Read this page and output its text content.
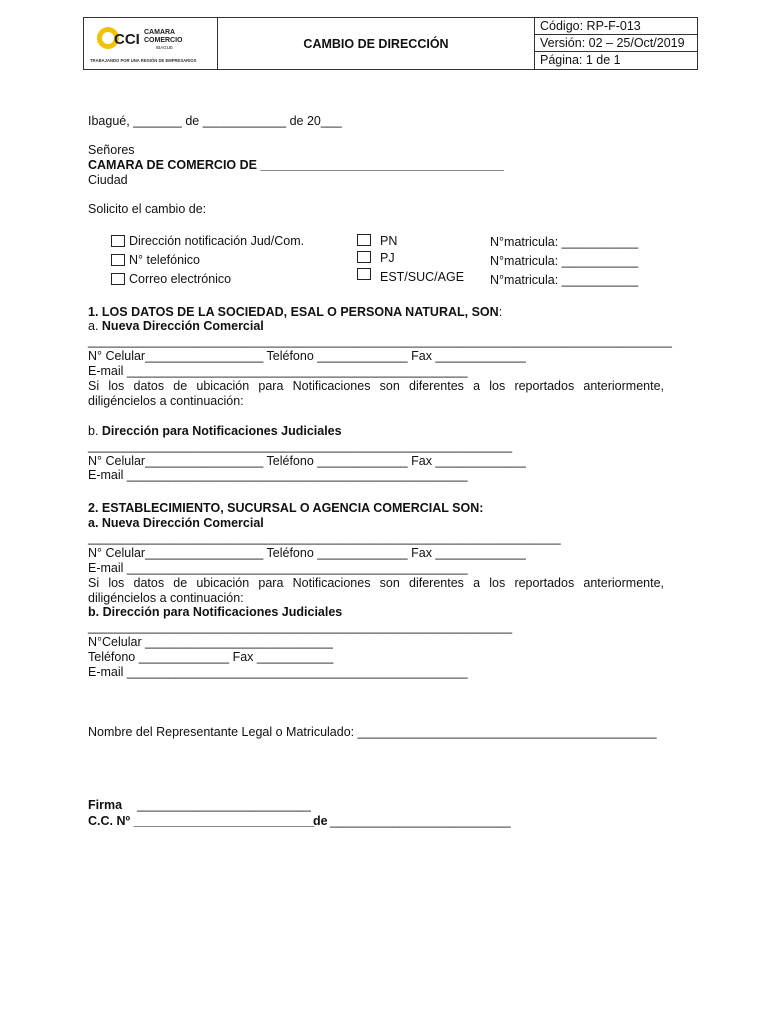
CCI CAMARA
COMERCIO
IBAGUE
TRABAJANDO POR UNA REGIÓN DE EMPRESARIOS
CAMBIO DE DIRECCIÓN
Código: RP-F-013
Versión: 02 – 25/Oct/2019
Página: 1 de 1
Ibagué, _______ de ____________ de 20___
Señores
CAMARA DE COMERCIO DE ___________________________________
Ciudad
Solicito el cambio de:
Dirección notificación Jud/Com.
N° telefónico
Correo electrónico
PN
PJ
EST/SUC/AGE
N°matricula: ___________
N°matricula: ___________
N°matricula: ___________
1. LOS DATOS DE LA SOCIEDAD, ESAL O PERSONA NATURAL, SON:
a. Nueva Dirección Comercial
____________________________________________________________________________________
N° Celular_________________ Teléfono _____________ Fax _____________
E-mail _________________________________________________
Si los datos de ubicación para Notificaciones son diferentes a los reportados anteriormente, diligéncielos a continuación:
b. Dirección para Notificaciones Judiciales
_____________________________________________________________
N° Celular_________________ Teléfono _____________ Fax _____________
E-mail _________________________________________________
2. ESTABLECIMIENTO, SUCURSAL O AGENCIA COMERCIAL SON:
a. Nueva Dirección Comercial
____________________________________________________________________
N° Celular_________________ Teléfono _____________ Fax _____________
E-mail _________________________________________________
Si los datos de ubicación para Notificaciones son diferentes a los reportados anteriormente, diligéncielos a continuación:
b. Dirección para Notificaciones Judiciales
_____________________________________________________________
N°Celular ___________________________
Teléfono _____________ Fax ___________
E-mail _________________________________________________
Nombre del Representante Legal o Matriculado: ___________________________________________
Firma _________________________
C.C. Nº __________________________
de __________________________
